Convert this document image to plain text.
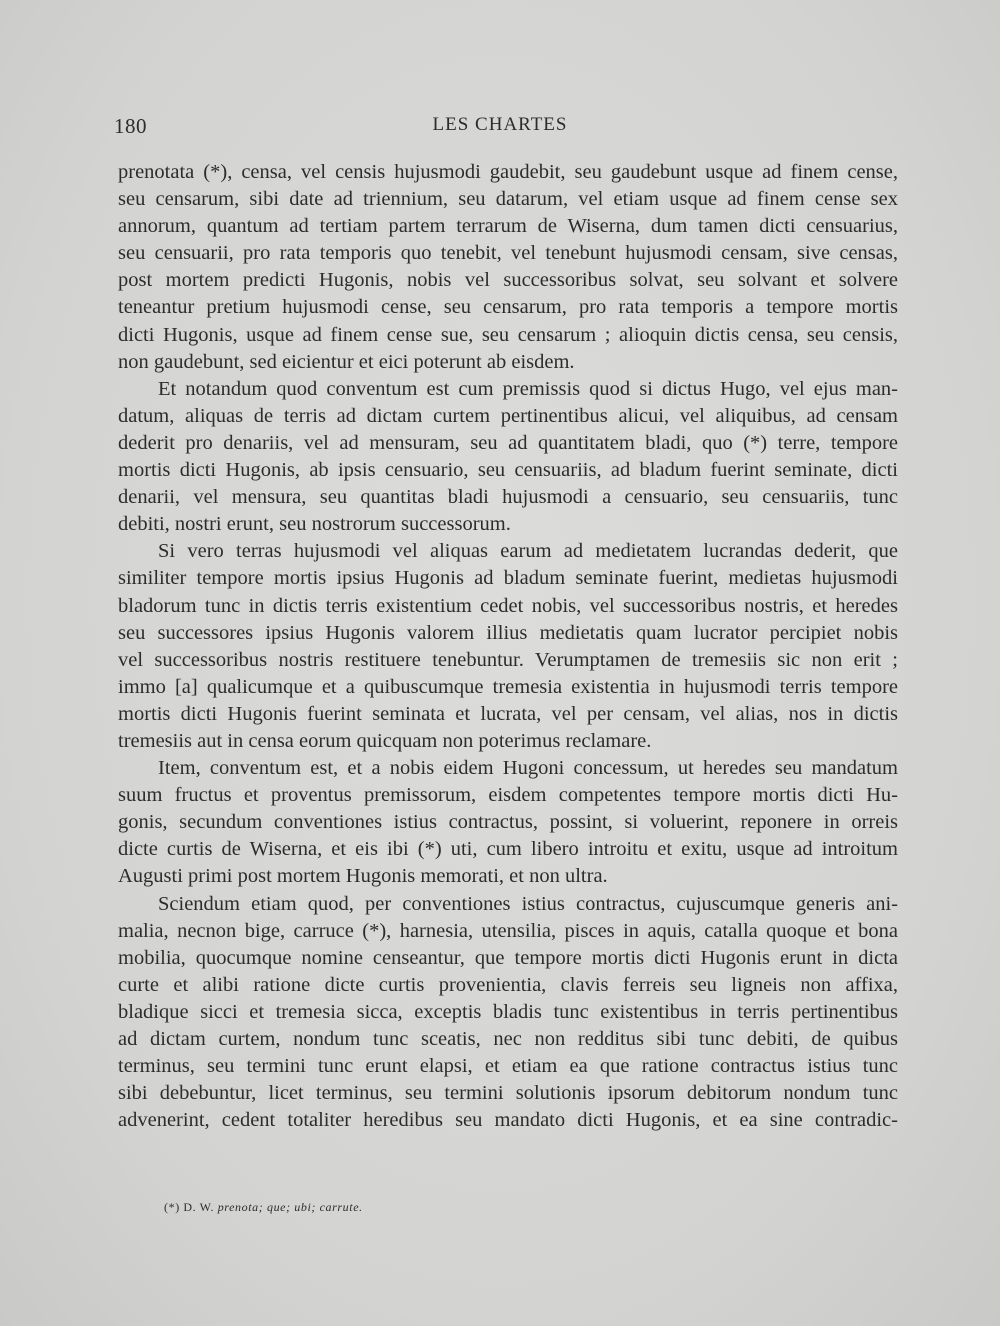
180	LES CHARTES
prenotata (*), censa, vel censis hujusmodi gaudebit, seu gaudebunt usque ad finem cense,
seu censarum, sibi date ad triennium, seu datarum, vel etiam usque ad finem cense sex
annorum, quantum ad tertiam partem terrarum de Wiserna, dum tamen dicti censuarius,
seu censuarii, pro rata temporis quo tenebit, vel tenebunt hujusmodi censam, sive censas,
post mortem predicti Hugonis, nobis vel successoribus solvat, seu solvant et solvere
teneantur pretium hujusmodi cense, seu censarum, pro rata temporis a tempore mortis
dicti Hugonis, usque ad finem cense sue, seu censarum ; alioquin dictis censa, seu censis,
non gaudebunt, sed eicientur et eici poterunt ab eisdem.
Et notandum quod conventum est cum premissis quod si dictus Hugo, vel ejus man-
datum, aliquas de terris ad dictam curtem pertinentibus alicui, vel aliquibus, ad censam
dederit pro denariis, vel ad mensuram, seu ad quantitatem bladi, quo (*) terre, tempore
mortis dicti Hugonis, ab ipsis censuario, seu censuariis, ad bladum fuerint seminate, dicti
denarii, vel mensura, seu quantitas bladi hujusmodi a censuario, seu censuariis, tunc
debiti, nostri erunt, seu nostrorum successorum.
Si vero terras hujusmodi vel aliquas earum ad medietatem lucrandas dederit, que
similiter tempore mortis ipsius Hugonis ad bladum seminate fuerint, medietas hujusmodi
bladorum tunc in dictis terris existentium cedet nobis, vel successoribus nostris, et heredes
seu successores ipsius Hugonis valorem illius medietatis quam lucrator percipiet nobis
vel successoribus nostris restituere tenebuntur. Verumptamen de tremesiis sic non erit ;
immo [a] qualicumque et a quibuscumque tremesia existentia in hujusmodi terris tempore
mortis dicti Hugonis fuerint seminata et lucrata, vel per censam, vel alias, nos in dictis
tremesiis aut in censa eorum quicquam non poterimus reclamare.
Item, conventum est, et a nobis eidem Hugoni concessum, ut heredes seu mandatum
suum fructus et proventus premissorum, eisdem competentes tempore mortis dicti Hu-
gonis, secundum conventiones istius contractus, possint, si voluerint, reponere in orreis
dicte curtis de Wiserna, et eis ibi (*) uti, cum libero introitu et exitu, usque ad introitum
Augusti primi post mortem Hugonis memorati, et non ultra.
Sciendum etiam quod, per conventiones istius contractus, cujuscumque generis ani-
malia, necnon bige, carruce (*), harnesia, utensilia, pisces in aquis, catalla quoque et bona
mobilia, quocumque nomine censeantur, que tempore mortis dicti Hugonis erunt in dicta
curte et alibi ratione dicte curtis provenientia, clavis ferreis seu ligneis non affixa,
bladique sicci et tremesia sicca, exceptis bladis tunc existentibus in terris pertinentibus
ad dictam curtem, nondum tunc sceatis, nec non redditus sibi tunc debiti, de quibus
terminus, seu termini tunc erunt elapsi, et etiam ea que ratione contractus istius tunc
sibi debebuntur, licet terminus, seu termini solutionis ipsorum debitorum nondum tunc
advenerint, cedent totaliter heredibus seu mandato dicti Hugonis, et ea sine contradic-
(*) D. W. prenota; que; ubi; carrute.
